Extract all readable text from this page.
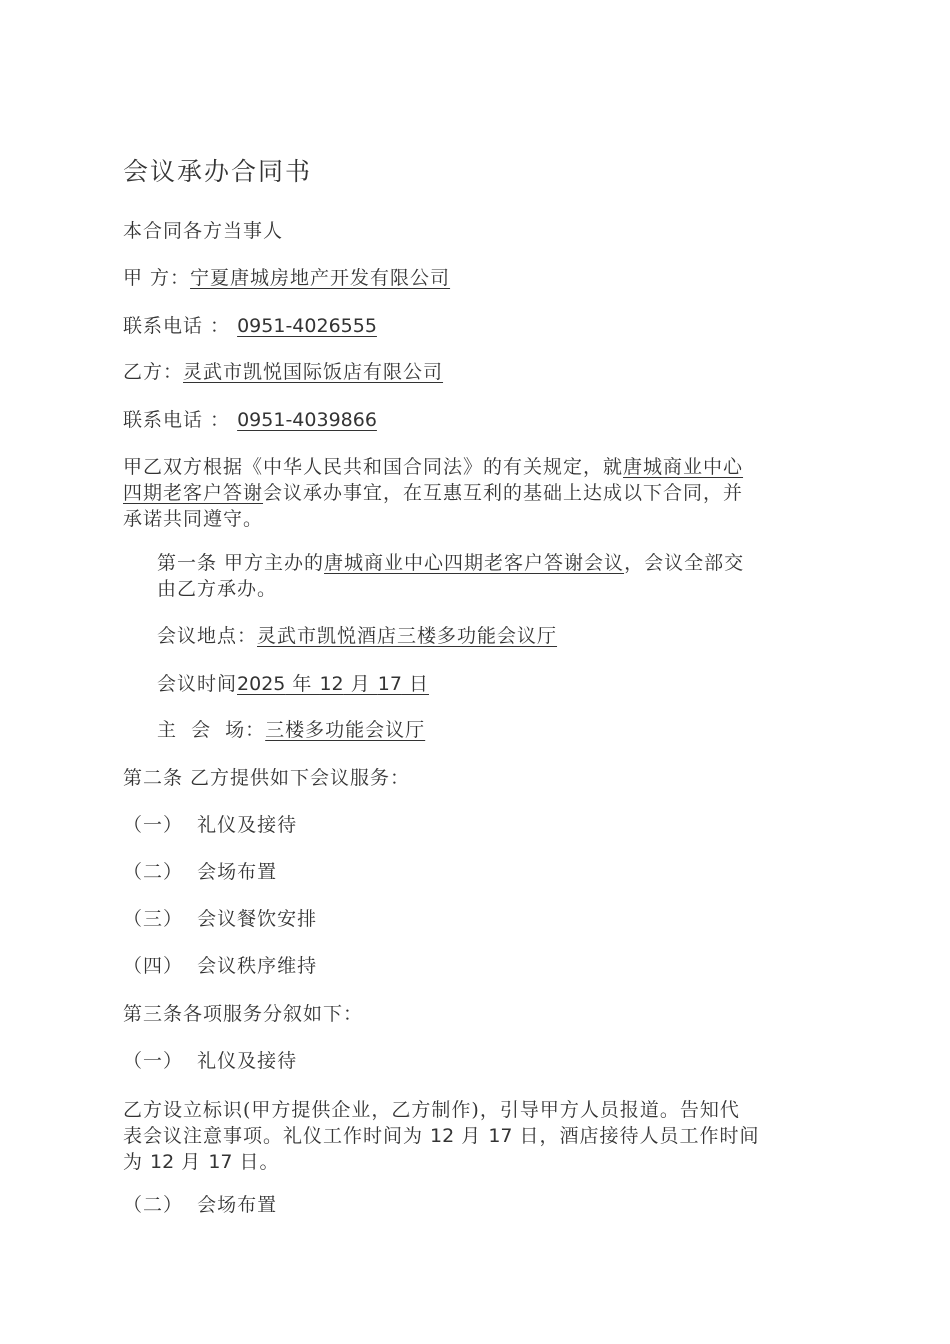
会议承办合同书
本合同各方当事人
甲 方：宁夏唐城房地产开发有限公司
联系电话 ： 0951-4026555
乙方：灵武市凯悦国际饭店有限公司
联系电话 ： 0951-4039866
甲乙双方根据《中华人民共和国合同法》的有关规定，就唐城商业中心
四期老客户答谢会议承办事宜，在互惠互利的基础上达成以下合同，并
承诺共同遵守。
第一条 甲方主办的唐城商业中心四期老客户答谢会议，会议全部交
由乙方承办。
会议地点：灵武市凯悦酒店三楼多功能会议厅
会议时间2025 年 12 月 17 日
主  会  场：三楼多功能会议厅
第二条 乙方提供如下会议服务：
（一）  礼仪及接待
（二）  会场布置
（三）  会议餐饮安排
（四）  会议秩序维持
第三条各项服务分叙如下：
（一）  礼仪及接待
乙方设立标识(甲方提供企业，乙方制作)，引导甲方人员报道。告知代
表会议注意事项。礼仪工作时间为 12 月 17 日，酒店接待人员工作时间
为 12 月 17 日。
（二）  会场布置
